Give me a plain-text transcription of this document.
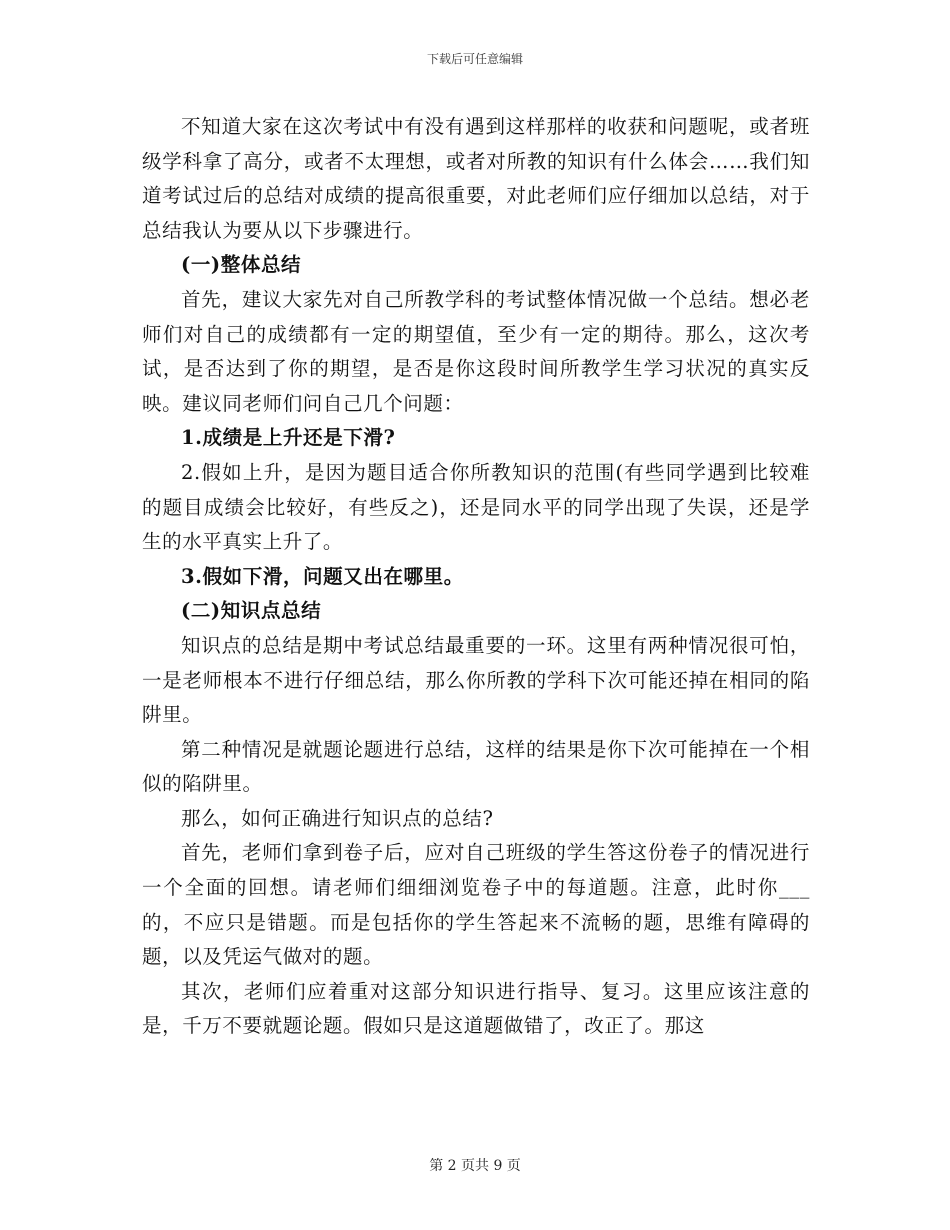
下载后可任意编辑

不知道大家在这次考试中有没有遇到这样那样的收获和问题呢，或者班级学科拿了高分，或者不太理想，或者对所教的知识有什么体会……我们知道考试过后的总结对成绩的提高很重要，对此老师们应仔细加以总结，对于总结我认为要从以下步骤进行。

(一)整体总结

首先，建议大家先对自己所教学科的考试整体情况做一个总结。想必老师们对自己的成绩都有一定的期望值，至少有一定的期待。那么，这次考试，是否达到了你的期望，是否是你这段时间所教学生学习状况的真实反映。建议同老师们问自己几个问题：

1.成绩是上升还是下滑?

2.假如上升，是因为题目适合你所教知识的范围(有些同学遇到比较难的题目成绩会比较好，有些反之)，还是同水平的同学出现了失误，还是学生的水平真实上升了。

3.假如下滑，问题又出在哪里。

(二)知识点总结

知识点的总结是期中考试总结最重要的一环。这里有两种情况很可怕，一是老师根本不进行仔细总结，那么你所教的学科下次可能还掉在相同的陷阱里。

第二种情况是就题论题进行总结，这样的结果是你下次可能掉在一个相似的陷阱里。

那么，如何正确进行知识点的总结?

首先，老师们拿到卷子后，应对自己班级的学生答这份卷子的情况进行一个全面的回想。请老师们细细浏览卷子中的每道题。注意，此时你___的，不应只是错题。而是包括你的学生答起来不流畅的题，思维有障碍的题，以及凭运气做对的题。

其次，老师们应着重对这部分知识进行指导、复习。这里应该注意的是，千万不要就题论题。假如只是这道题做错了，改正了。那这

第 2 页共 9 页
